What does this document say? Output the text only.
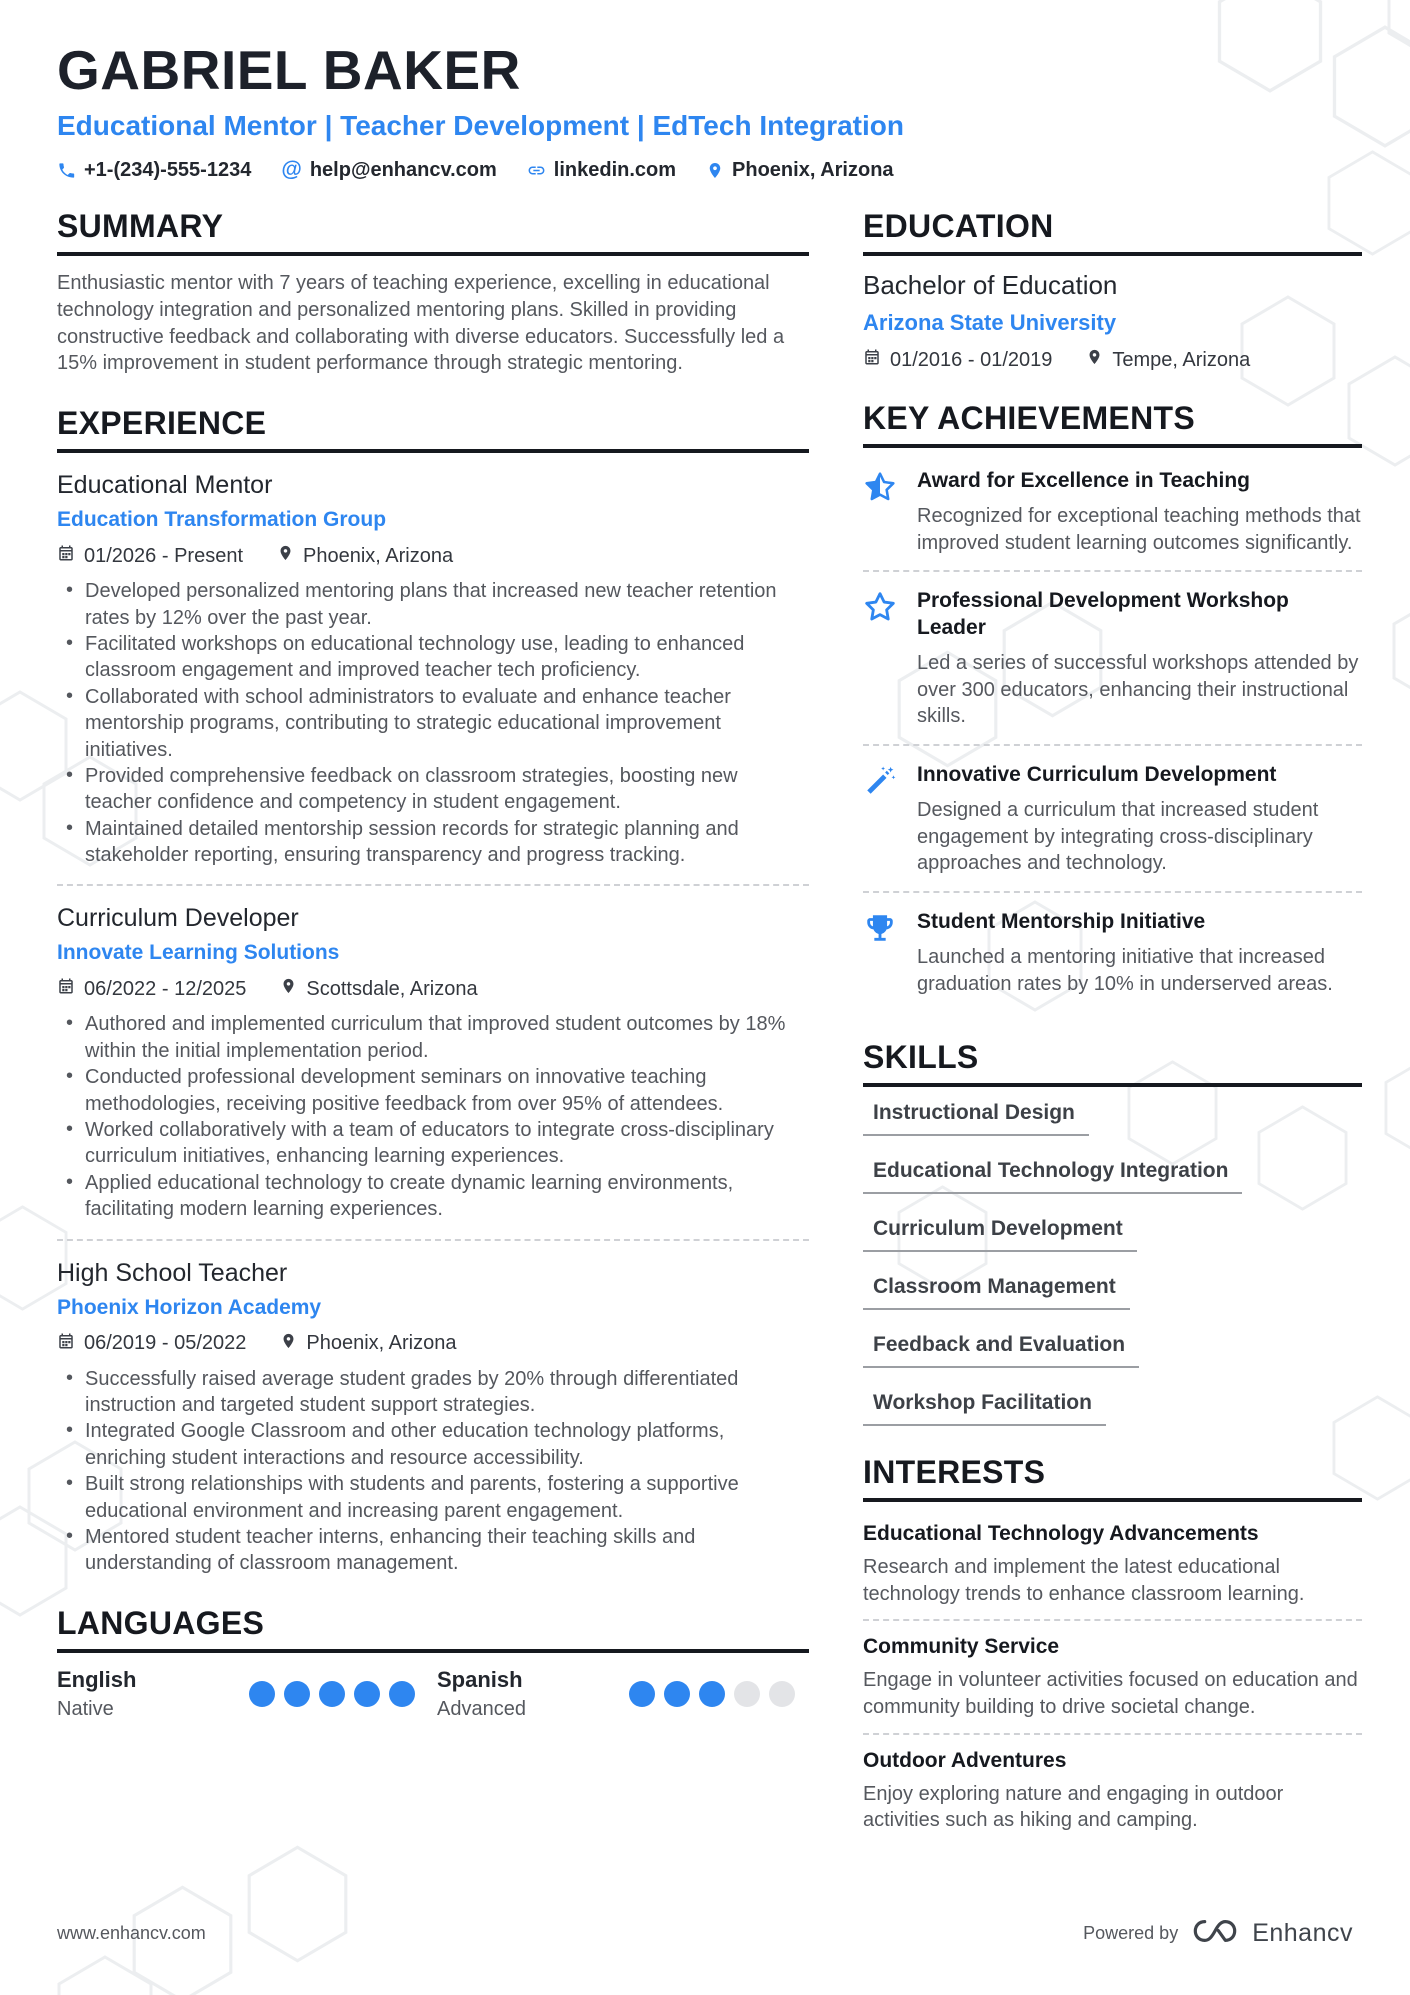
GABRIEL BAKER
Educational Mentor | Teacher Development | EdTech Integration
+1-(234)-555-1234 @ help@enhancv.com	linkedin.com	Phoenix, Arizona
SUMMARY

Enthusiastic mentor with 7 years of teaching experience, excelling in educational technology integration and personalized mentoring plans. Skilled in providing constructive feedback and collaborating with diverse educators. Successfully led a 15% improvement in student performance through strategic mentoring.

EXPERIENCE
Educational Mentor
Education Transformation Group
01/2026 - Present	Phoenix, Arizona
• Developed personalized mentoring plans that increased new teacher retention rates by 12% over the past year.
• Facilitated workshops on educational technology use, leading to enhanced classroom engagement and improved teacher tech proficiency.
• Collaborated with school administrators to evaluate and enhance teacher mentorship programs, contributing to strategic educational improvement initiatives.
• Provided comprehensive feedback on classroom strategies, boosting new teacher confidence and competency in student engagement.
• Maintained detailed mentorship session records for strategic planning and stakeholder reporting, ensuring transparency and progress tracking.
Curriculum Developer
Innovate Learning Solutions
06/2022 - 12/2025	Scottsdale, Arizona
• Authored and implemented curriculum that improved student outcomes by 18% within the initial implementation period.
• Conducted professional development seminars on innovative teaching methodologies, receiving positive feedback from over 95% of attendees.
• Worked collaboratively with a team of educators to integrate cross-disciplinary curriculum initiatives, enhancing learning experiences.
• Applied educational technology to create dynamic learning environments, facilitating modern learning experiences.
High School Teacher
Phoenix Horizon Academy
06/2019 - 05/2022	Phoenix, Arizona
• Successfully raised average student grades by 20% through differentiated instruction and targeted student support strategies.
• Integrated Google Classroom and other education technology platforms, enriching student interactions and resource accessibility.
• Built strong relationships with students and parents, fostering a supportive educational environment and increasing parent engagement.
• Mentored student teacher interns, enhancing their teaching skills and understanding of classroom management.
LANGUAGES
English
Native
Spanish
Advanced
EDUCATION
Bachelor of Education
Arizona State University
01/2016 - 01/2019	Tempe, Arizona
KEY ACHIEVEMENTS
Award for Excellence in Teaching
Recognized for exceptional teaching methods that improved student learning outcomes significantly.
Professional Development Workshop Leader
Led a series of successful workshops attended by over 300 educators, enhancing their instructional skills.
Innovative Curriculum Development
Designed a curriculum that increased student engagement by integrating cross-disciplinary approaches and technology.
Student Mentorship Initiative
Launched a mentoring initiative that increased graduation rates by 10% in underserved areas.
SKILLS
Instructional Design
Educational Technology Integration
Curriculum Development
Classroom Management
Feedback and Evaluation
Workshop Facilitation
INTERESTS
Educational Technology Advancements
Research and implement the latest educational technology trends to enhance classroom learning.
Community Service
Engage in volunteer activities focused on education and community building to drive societal change.
Outdoor Adventures
Enjoy exploring nature and engaging in outdoor activities such as hiking and camping.
www.enhancv.com	Powered by	Enhancv
